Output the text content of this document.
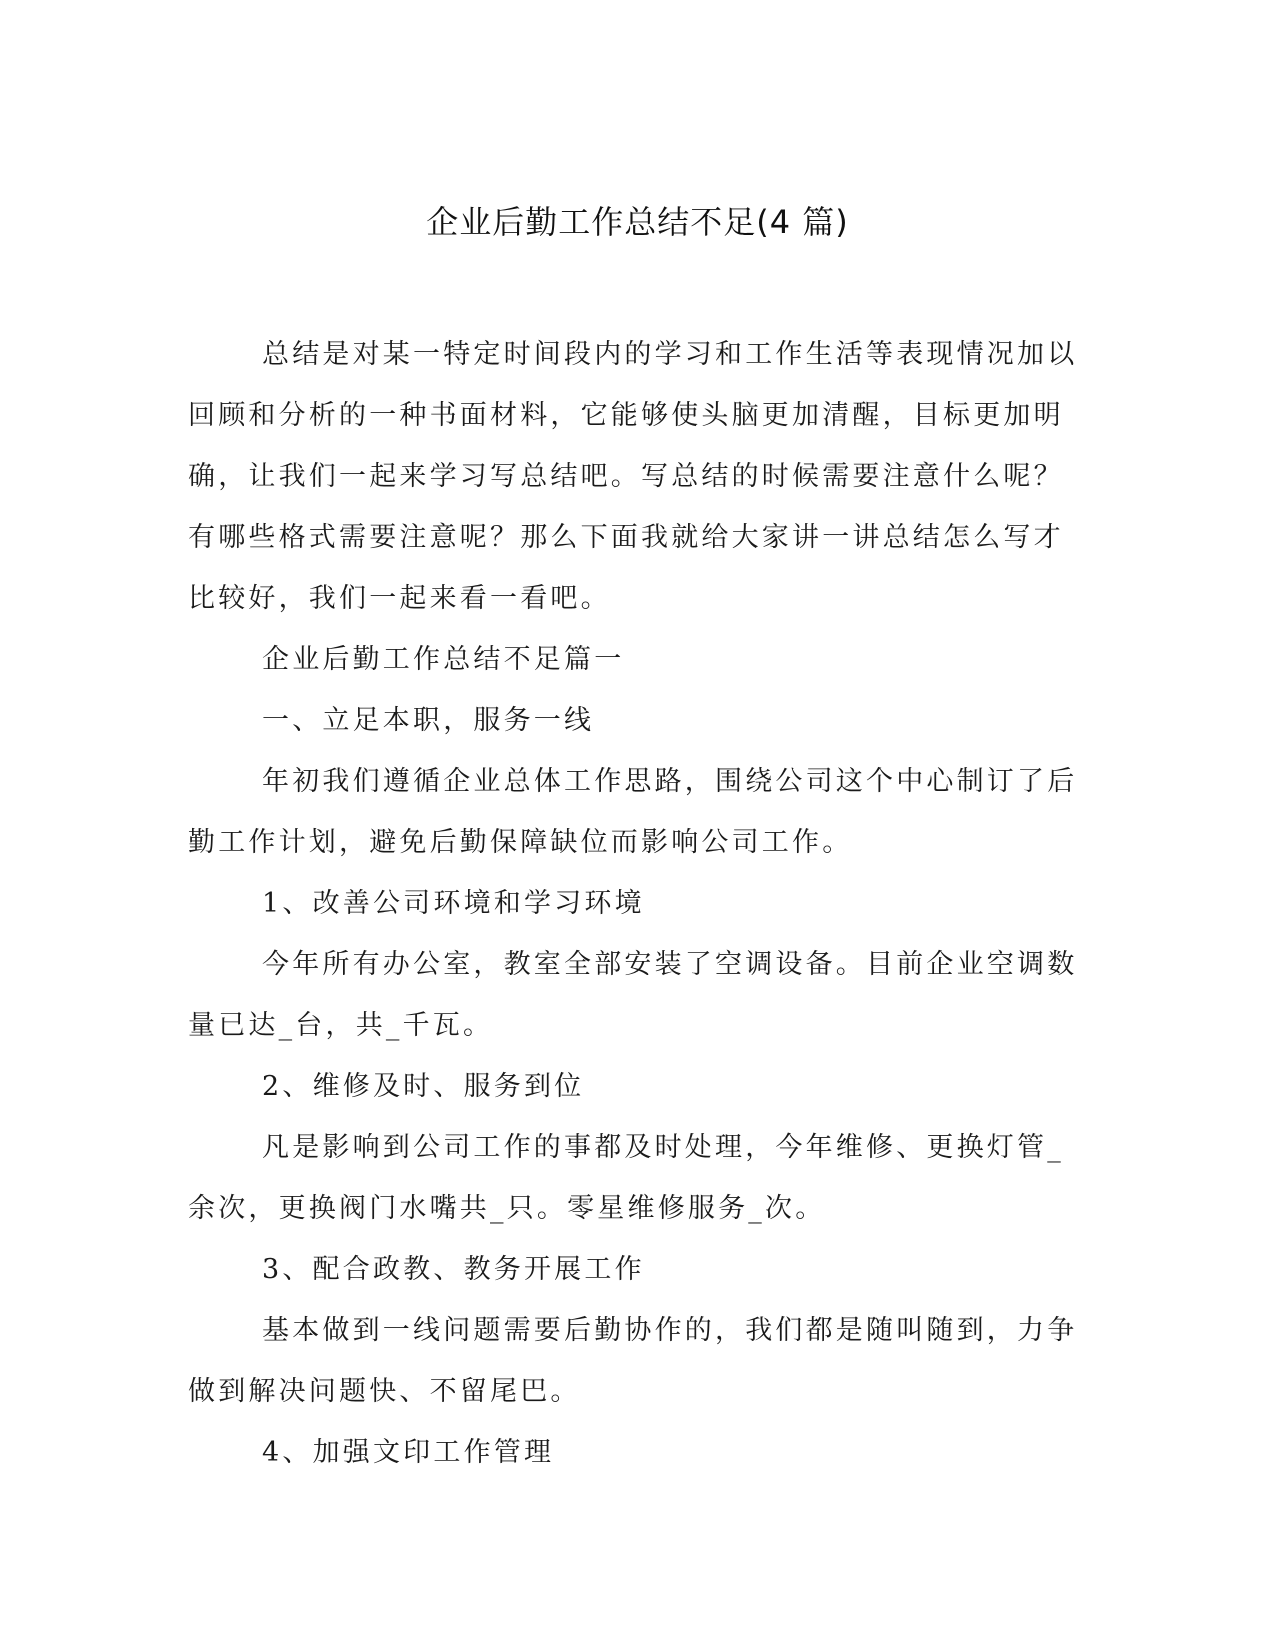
企业后勤工作总结不足(4 篇)

总结是对某一特定时间段内的学习和工作生活等表现情况加以回顾和分析的一种书面材料，它能够使头脑更加清醒，目标更加明确，让我们一起来学习写总结吧。写总结的时候需要注意什么呢？有哪些格式需要注意呢？那么下面我就给大家讲一讲总结怎么写才比较好，我们一起来看一看吧。

企业后勤工作总结不足篇一

一、立足本职，服务一线

年初我们遵循企业总体工作思路，围绕公司这个中心制订了后勤工作计划，避免后勤保障缺位而影响公司工作。

1、改善公司环境和学习环境

今年所有办公室，教室全部安装了空调设备。目前企业空调数量已达_台，共_千瓦。

2、维修及时、服务到位

凡是影响到公司工作的事都及时处理，今年维修、更换灯管_余次，更换阀门水嘴共_只。零星维修服务_次。

3、配合政教、教务开展工作

基本做到一线问题需要后勤协作的，我们都是随叫随到，力争做到解决问题快、不留尾巴。

4、加强文印工作管理
